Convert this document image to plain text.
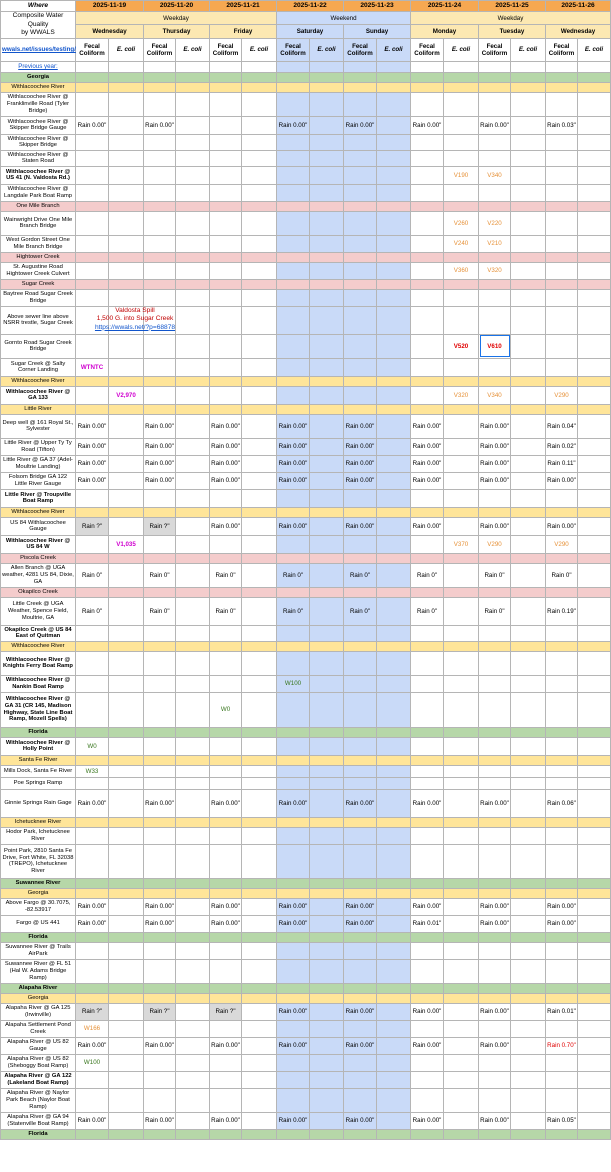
Where	2025-11-19		2025-11-20		2025-11-21		2025-11-22		2025-11-23		2025-11-24		2025-11-25		2025-11-26	

Composite Water Quality
by WWALS	Weekday						Weekend				Weekday					
	Wednesday		Thursday		Friday		Saturday		Sunday		Monday		Tuesday		Wednesday	
wwals.net/issues/testing/	Fecal Coliform	E. coli	Fecal Coliform	E. coli	Fecal Coliform	E. coli	Fecal Coliform	E. coli	Fecal Coliform	E. coli	Fecal Coliform	E. coli	Fecal Coliform	E. coli	Fecal Coliform	E. coli
Previous year:																
Georgia																
Withlacoochee River																
Withlacoochee River @ Franklinville Road (Tyler Bridge)																
Withlacoochee River @ Skipper Bridge Gauge	Rain 0.00"		Rain 0.00"				Rain 0.00"		Rain 0.00"		Rain 0.00"		Rain 0.00"		Rain 0.03"	
Withlacoochee River @ Skipper Bridge																
Withlacoochee River @ Staten Road																
Withlacoochee River @ US 41 (N. Valdosta Rd.)												V190	V340			
Withlacoochee River @ Langdale Park Boat Ramp																
One Mile Branch																
Wainwright Drive One Mile Branch Bridge												V260	V220			
West Gordon Street One Mile Branch Bridge												V240	V210			
Hightower Creek																
St. Augustine Road Hightower Creek Culvert												V360	V320			
Sugar Creek																
Baytree Road Sugar Creek Bridge																
Above sewer line above NSRR trestle, Sugar Creek	Valdosta Spill
1,500 G. into Sugar Creek
https://wwals.net/?p=68878															

Gornto Road Sugar Creek Bridge												V520	V610			
Sugar Creek @ Salty Corner Landing	WTNTC															
Withlacoochee River																
Withlacoochee River @ GA 133		V2,970										V320	V340		V290	
Little River																
Deep well @ 161 Royal St., Sylvester	Rain 0.00"		Rain 0.00"		Rain 0.00"		Rain 0.00"		Rain 0.00"		Rain 0.00"		Rain 0.00"		Rain 0.04"	
Little River @ Upper Ty Ty Road (Tifton)	Rain 0.00"		Rain 0.00"		Rain 0.00"		Rain 0.00"		Rain 0.00"		Rain 0.00"		Rain 0.00"		Rain 0.02"	
Little River @ GA 37 (Adel-Moultrie Landing)	Rain 0.00"		Rain 0.00"		Rain 0.00"		Rain 0.00"		Rain 0.00"		Rain 0.00"		Rain 0.00"		Rain 0.11"	
Folsom Bridge GA 122 Little River Gauge	Rain 0.00"		Rain 0.00"		Rain 0.00"		Rain 0.00"		Rain 0.00"		Rain 0.00"		Rain 0.00"		Rain 0.00"	
Little River @ Troupville Boat Ramp																
Withlacoochee River																
US 84 Withlacoochee Gauge	Rain ?"		Rain ?"		Rain 0.00"		Rain 0.00"		Rain 0.00"		Rain 0.00"		Rain 0.00"		Rain 0.00"	
Withlacoochee River @ US 84 W		V1,035										V370	V290		V290	
Piscola Creek																
Allen Branch @ UGA weather, 4281 US 84, Dixie, GA	Rain 0"		Rain 0"		Rain 0"		Rain 0"		Rain 0"		Rain 0"		Rain 0"		Rain 0"	
Okapilco Creek																
Little Creek @ UGA Weather, Spence Field, Moultrie, GA	Rain 0"		Rain 0"		Rain 0"		Rain 0"		Rain 0"		Rain 0"		Rain 0"		Rain 0.19"	
Okapilco Creek @ US 84 East of Quitman																
Withlacoochee River																
Withlacoochee River @ Knights Ferry Boat Ramp																
Withlacoochee River @ Nankin Boat Ramp							W100									
Withlacoochee River @ GA 31 (CR 145, Madison Highway, State Line Boat Ramp, Mozell Spells)					W0											
Florida																
Withlacoochee River @ Holly Point	W0															
Santa Fe River																
Mills Dock, Santa Fe River	W33															
Poe Springs Ramp																
Ginnie Springs Rain Gage	Rain 0.00"		Rain 0.00"		Rain 0.00"		Rain 0.00"		Rain 0.00"		Rain 0.00"		Rain 0.00"		Rain 0.06"	
Ichetucknee River																
Hodor Park, Ichetucknee River																
Point Park, 2810 Santa Fe Drive, Fort White, FL 32038 (TREPO), Ichetucknee River																
Suwannee River																
Georgia																
Above Fargo @ 30.7075, -82.53917	Rain 0.00"		Rain 0.00"		Rain 0.00"		Rain 0.00"		Rain 0.00"		Rain 0.00"		Rain 0.00"		Rain 0.00"	
Fargo @ US 441	Rain 0.00"		Rain 0.00"		Rain 0.00"		Rain 0.00"		Rain 0.00"		Rain 0.01"		Rain 0.00"		Rain 0.00"	
Florida																
Suwannee River @ Trails AirPark																
Suwannee River @ FL 51 (Hal W. Adams Bridge Ramp)																
Alapaha River																
Georgia																
Alapaha River @ GA 125 (Irwinville)	Rain ?"		Rain ?"		Rain ?"		Rain 0.00"		Rain 0.00"		Rain 0.00"		Rain 0.00"		Rain 0.01"	
Alapaha Settlement Pond Creek	W166															
Alapaha River @ US 82 Gauge	Rain 0.00"		Rain 0.00"		Rain 0.00"		Rain 0.00"		Rain 0.00"		Rain 0.00"		Rain 0.00"		Rain 0.70"	
Alapaha River @ US 82 (Sheboggy Boat Ramp)	W100															
Alapaha River @ GA 122 (Lakeland Boat Ramp)																
Alapaha River @ Naylor Park Beach (Naylor Boat Ramp)																
Alapaha River @ GA 94 (Statenville Boat Ramp)	Rain 0.00"		Rain 0.00"		Rain 0.00"		Rain 0.00"		Rain 0.00"		Rain 0.00"		Rain 0.00"		Rain 0.05"	
Florida																
